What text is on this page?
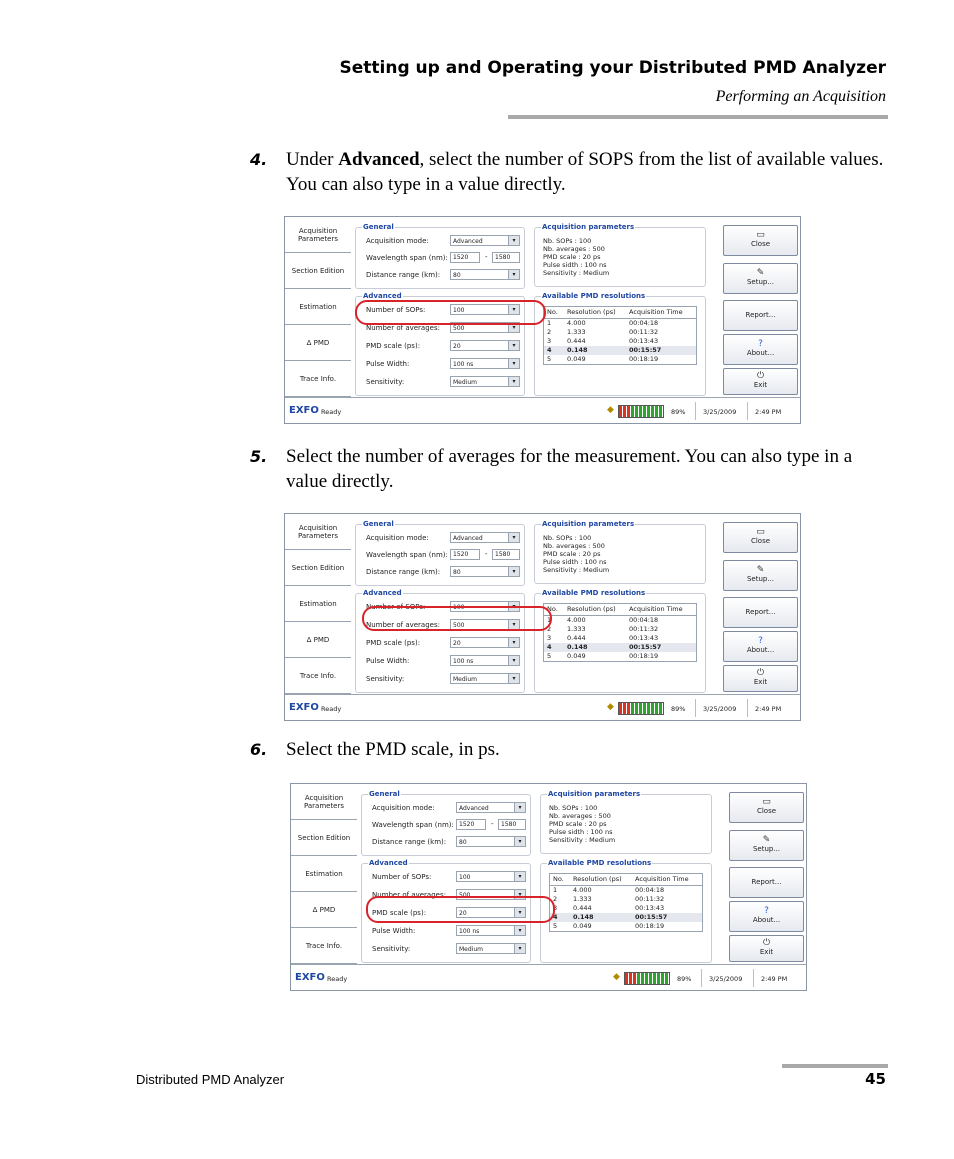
Setting up and Operating your Distributed PMD Analyzer
Performing an Acquisition
4. Under Advanced, select the number of SOPS from the list of available values. You can also type in a value directly.
5. Select the number of averages for the measurement. You can also type in a value directly.
6. Select the PMD scale, in ps.
Acquisition Parameters
Section Edition
Estimation
Δ PMD
Trace Info.
General
Acquisition mode:	Advanced	▾
Wavelength span (nm): 1520	-	1580
Distance range (km):	80	▾
Advanced
Number of SOPs:	100	▾
Number of averages:	500	▾
PMD scale (ps):	20	▾
Pulse Width:	100 ns	▾
Sensitivity:	Medium	▾
Acquisition parameters
Nb. SOPs : 100
Nb. averages : 500
PMD scale : 20 ps
Pulse sidth : 100 ns
Sensitivity : Medium
Available PMD resolutions
No.	Resolution (ps)	Acquisition Time
1	4.000	00:04:18
2	1.333	00:11:32
3	0.444	00:13:43
4	0.148	00:15:57
5	0.049	00:18:19
▭
Close
✎
Setup...
Report...
?
About...
⏻
Exit
EXFO Ready	◆	89%	3/25/2009	2:49 PM
Acquisition Parameters
Section Edition
Estimation
Δ PMD
Trace Info.
General
Acquisition mode:	Advanced	▾
Wavelength span (nm): 1520	-	1580
Distance range (km):	80	▾
Advanced
Number of SOPs:	100	▾
Number of averages:	500	▾
PMD scale (ps):	20	▾
Pulse Width:	100 ns	▾
Sensitivity:	Medium	▾
Acquisition parameters
Nb. SOPs : 100
Nb. averages : 500
PMD scale : 20 ps
Pulse sidth : 100 ns
Sensitivity : Medium
Available PMD resolutions
No.	Resolution (ps)	Acquisition Time
1	4.000	00:04:18
2	1.333	00:11:32
3	0.444	00:13:43
4	0.148	00:15:57
5	0.049	00:18:19
▭
Close
✎
Setup...
Report...
?
About...
⏻
Exit
EXFO Ready	◆	89%	3/25/2009	2:49 PM
Acquisition Parameters
Section Edition
Estimation
Δ PMD
Trace Info.
General
Acquisition mode:	Advanced	▾
Wavelength span (nm): 1520	-	1580
Distance range (km):	80	▾
Advanced
Number of SOPs:	100	▾
Number of averages:	500	▾
PMD scale (ps):	20	▾
Pulse Width:	100 ns	▾
Sensitivity:	Medium	▾
Acquisition parameters
Nb. SOPs : 100
Nb. averages : 500
PMD scale : 20 ps
Pulse sidth : 100 ns
Sensitivity : Medium
Available PMD resolutions
No.	Resolution (ps)	Acquisition Time
1	4.000	00:04:18
2	1.333	00:11:32
3	0.444	00:13:43
4	0.148	00:15:57
5	0.049	00:18:19
▭
Close
✎
Setup...
Report...
?
About...
⏻
Exit
EXFO Ready	◆	89%	3/25/2009	2:49 PM
Distributed PMD Analyzer	45
